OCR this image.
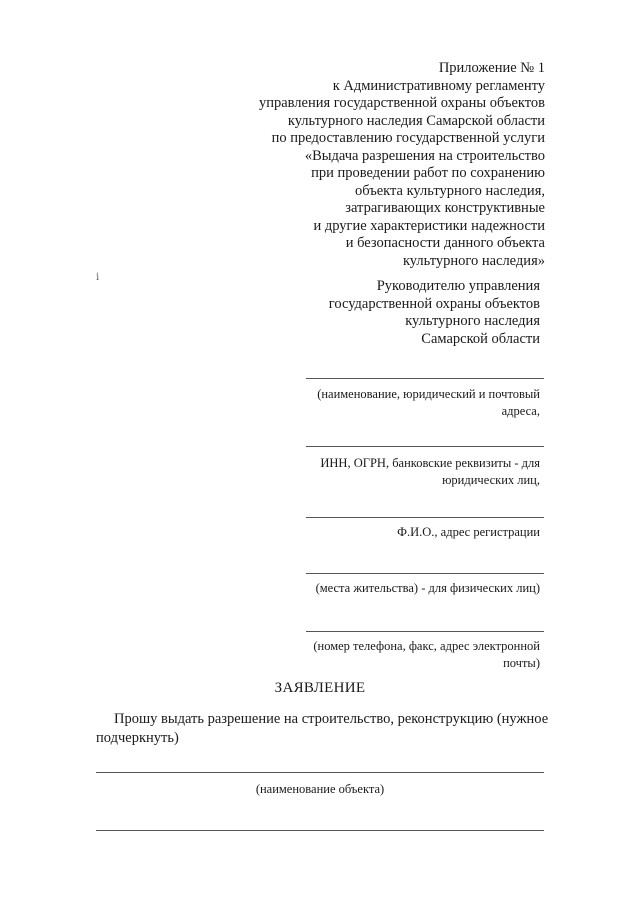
Приложение № 1
к Административному регламенту
управления государственной охраны объектов
культурного наследия Самарской области
по предоставлению государственной услуги
«Выдача разрешения на строительство
при проведении работ по сохранению
объекта культурного наследия,
затрагивающих конструктивные
и другие характеристики надежности
и безопасности данного объекта
культурного наследия»
ⅰ
Руководителю управления
государственной охраны объектов
культурного наследия
Самарской области
(наименование, юридический и почтовый
адреса,
ИНН, ОГРН, банковские реквизиты - для
юридических лиц,
Ф.И.О., адрес регистрации
(места жительства) - для физических лиц)
(номер телефона, факс, адрес электронной
почты)
ЗАЯВЛЕНИЕ
Прошу выдать разрешение на строительство, реконструкцию (нужное
подчеркнуть)
(наименование объекта)
